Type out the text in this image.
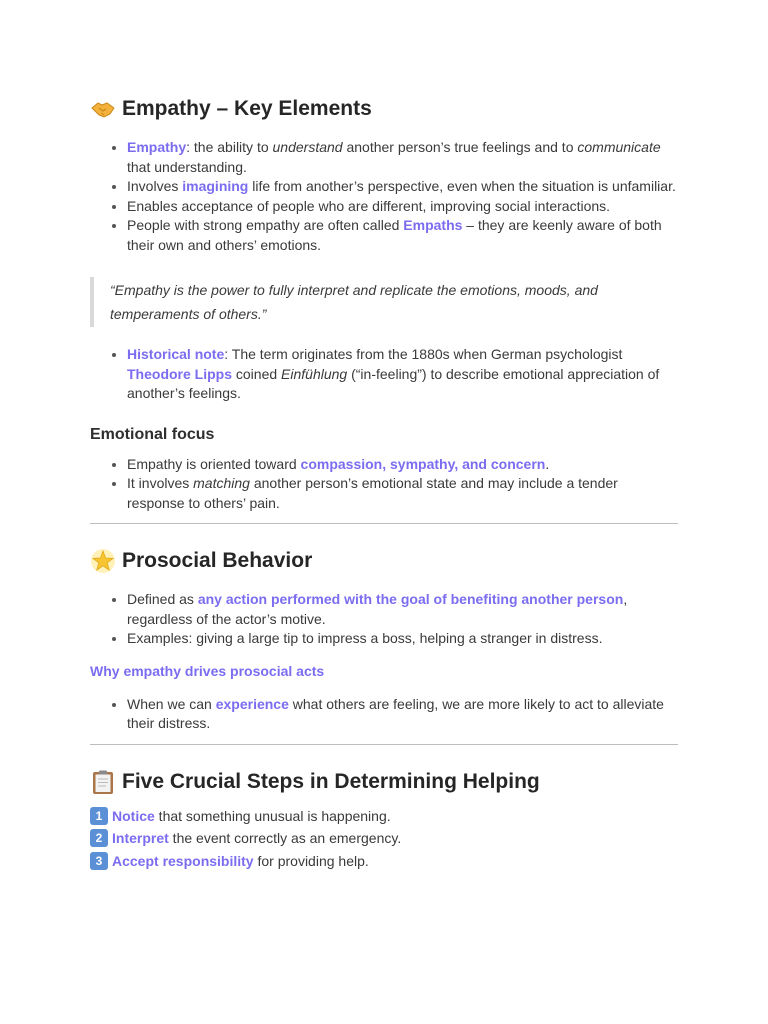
Empathy – Key Elements
• Empathy: the ability to understand another person’s true feelings and to communicate that understanding.
• Involves imagining life from another’s perspective, even when the situation is unfamiliar.
• Enables acceptance of people who are different, improving social interactions.
• People with strong empathy are often called Empaths – they are keenly aware of both their own and others’ emotions.
“Empathy is the power to fully interpret and replicate the emotions, moods, and temperaments of others.”
• Historical note: The term originates from the 1880s when German psychologist Theodore Lipps coined Einfühlung (“in-feeling”) to describe emotional appreciation of another’s feelings.
Emotional focus
• Empathy is oriented toward compassion, sympathy, and concern.
• It involves matching another person’s emotional state and may include a tender response to others’ pain.
Prosocial Behavior
• Defined as any action performed with the goal of benefiting another person, regardless of the actor’s motive.
• Examples: giving a large tip to impress a boss, helping a stranger in distress.
Why empathy drives prosocial acts
• When we can experience what others are feeling, we are more likely to act to alleviate their distress.
Five Crucial Steps in Determining Helping
1 Notice that something unusual is happening.
2 Interpret the event correctly as an emergency.
3 Accept responsibility for providing help.
